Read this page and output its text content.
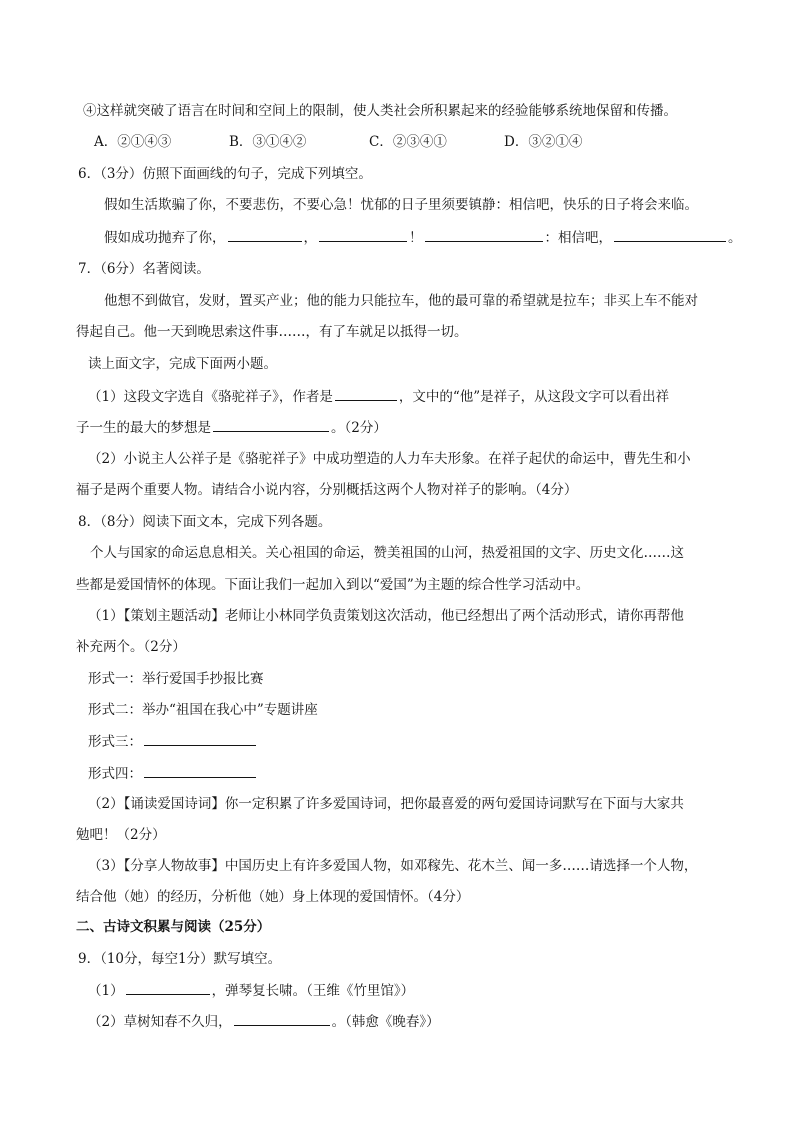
④这样就突破了语言在时间和空间上的限制，使人类社会所积累起来的经验能够系统地保留和传播。
A．②①④③	B．③①④②	C．②③④①	D．③②①④
6．（3分）仿照下面画线的句子，完成下列填空。
假如生活欺骗了你，不要悲伤，不要心急！忧郁的日子里须要镇静：相信吧，快乐的日子将会来临。
假如成功抛弃了你，	，	！	：相信吧，	。
7．（6分）名著阅读。
他想不到做官，发财，置买产业；他的能力只能拉车，他的最可靠的希望就是拉车；非买上车不能对
得起自己。他一天到晚思索这件事……，有了车就足以抵得一切。
读上面文字，完成下面两小题。
（1）这段文字选自《骆驼祥子》，作者是	，文中的“他”是祥子，从这段文字可以看出祥
子一生的最大的梦想是	。（2分）
（2）小说主人公祥子是《骆驼祥子》中成功塑造的人力车夫形象。在祥子起伏的命运中，曹先生和小
福子是两个重要人物。请结合小说内容，分别概括这两个人物对祥子的影响。（4分）
8．（8分）阅读下面文本，完成下列各题。
个人与国家的命运息息相关。关心祖国的命运，赞美祖国的山河，热爱祖国的文字、历史文化……这
些都是爱国情怀的体现。下面让我们一起加入到以“爱国”为主题的综合性学习活动中。
（1）【策划主题活动】老师让小林同学负责策划这次活动，他已经想出了两个活动形式，请你再帮他
补充两个。（2分）
形式一：举行爱国手抄报比赛
形式二：举办“祖国在我心中”专题讲座
形式三：
形式四：
（2）【诵读爱国诗词】你一定积累了许多爱国诗词，把你最喜爱的两句爱国诗词默写在下面与大家共
勉吧！（2分）
（3）【分享人物故事】中国历史上有许多爱国人物，如邓稼先、花木兰、闻一多……请选择一个人物，
结合他（她）的经历，分析他（她）身上体现的爱国情怀。（4分）
二、古诗文积累与阅读（25分）
9．（10分，每空1分）默写填空。
（1）	，弹琴复长啸。（王维《竹里馆》）
（2）草树知春不久归，	。（韩愈《晚春》）
